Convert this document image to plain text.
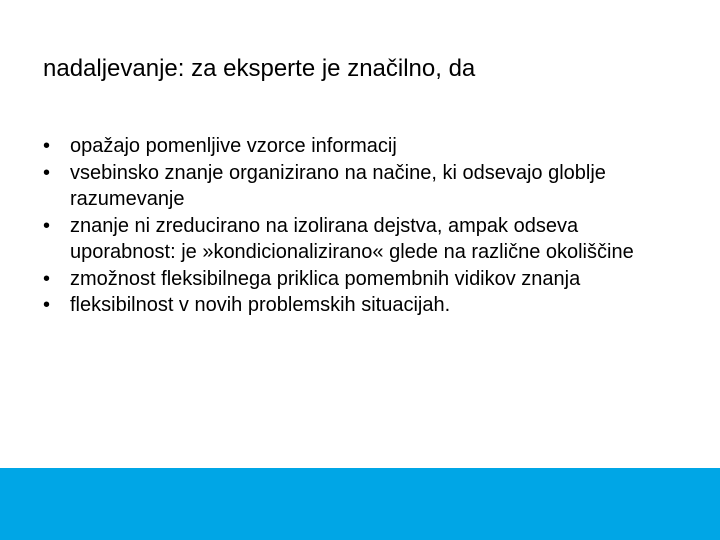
nadaljevanje: za eksperte je značilno, da
• opažajo pomenljive vzorce informacij
• vsebinsko znanje organizirano na načine, ki odsevajo globlje razumevanje
• znanje ni zreducirano na izolirana dejstva, ampak odseva uporabnost: je »kondicionalizirano« glede na različne okoliščine
• zmožnost fleksibilnega priklica pomembnih vidikov znanja
• fleksibilnost v novih problemskih situacijah.
